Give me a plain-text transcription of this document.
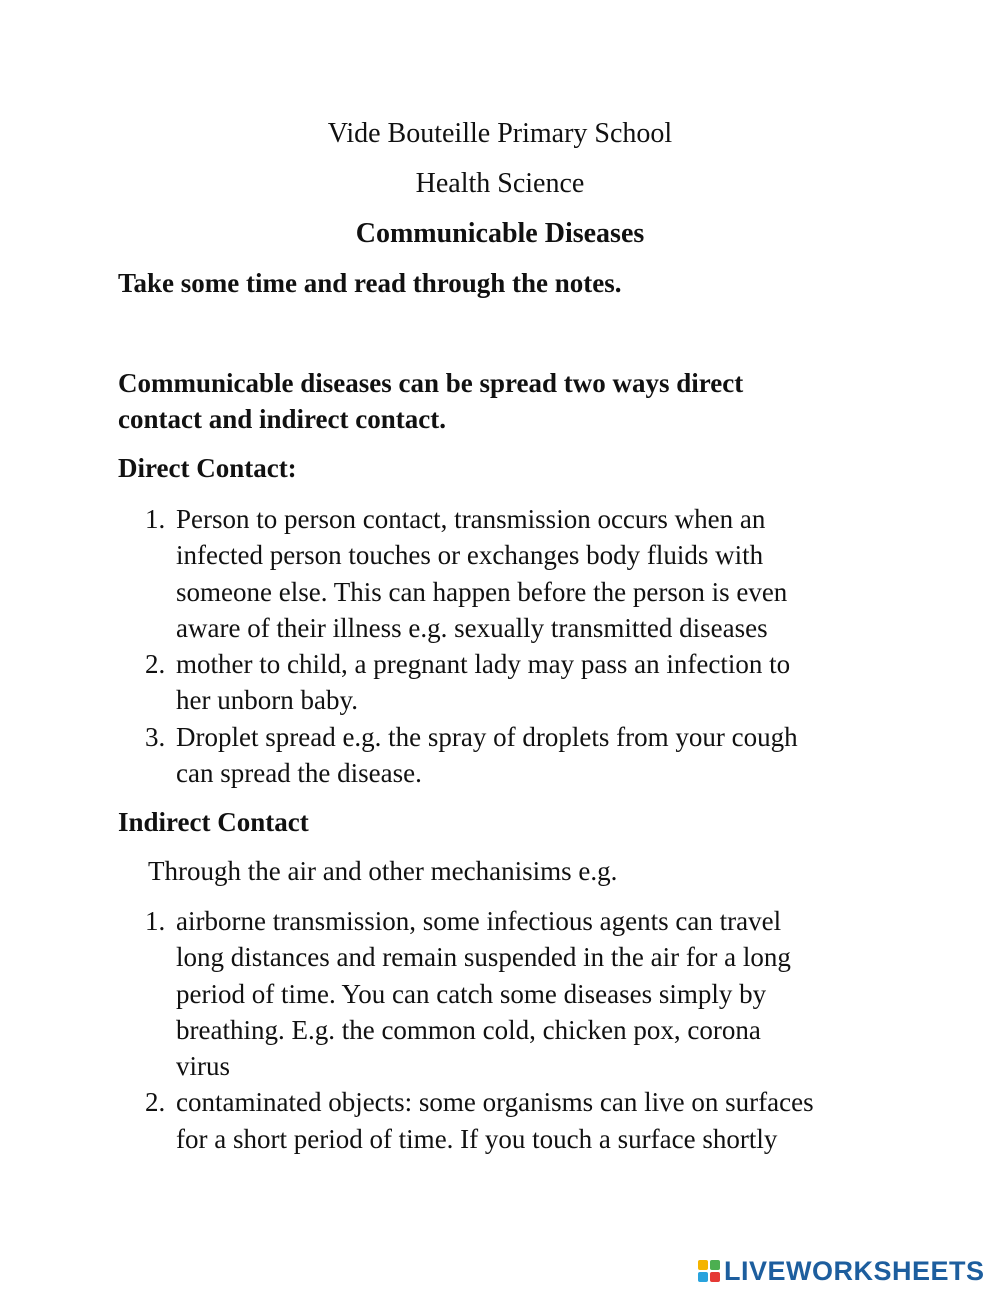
Vide Bouteille Primary School
Health Science
Communicable Diseases
Take some time and read through the notes.
Communicable diseases can be spread two ways direct
contact and indirect contact.
Direct Contact:
1. Person to person contact, transmission occurs when an
infected person touches or exchanges body fluids with
someone else. This can happen before the person is even
aware of their illness e.g. sexually transmitted diseases
2. mother to child, a pregnant lady may pass an infection to
her unborn baby.
3. Droplet spread e.g. the spray of droplets from your cough
can spread the disease.
Indirect Contact
Through the air and other mechanisims e.g.
1. airborne transmission, some infectious agents can travel
long distances and remain suspended in the air for a long
period of time. You can catch some diseases simply by
breathing. E.g. the common cold, chicken pox, corona
virus
2. contaminated objects: some organisms can live on surfaces
for a short period of time. If you touch a surface shortly
LIVEWORKSHEETS
